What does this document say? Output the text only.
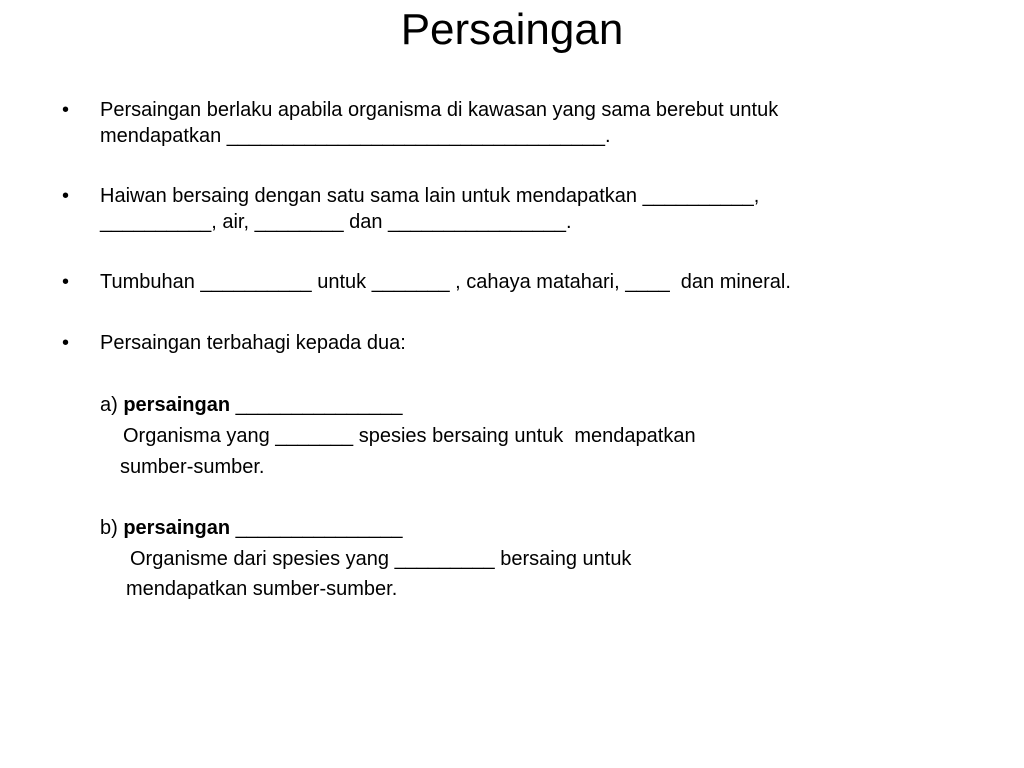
Persaingan
•	Persaingan berlaku apabila organisma di kawasan yang sama berebut untuk
mendapatkan __________________________________.
•	Haiwan bersaing dengan satu sama lain untuk mendapatkan __________,
__________, air, ________ dan ________________.
•	Tumbuhan __________ untuk _______ , cahaya matahari, ____  dan mineral.
•	Persaingan terbahagi kepada dua:
a) persaingan _______________
Organisma yang _______ spesies bersaing untuk  mendapatkan
sumber-sumber.
b) persaingan _______________
Organisme dari spesies yang _________ bersaing untuk
mendapatkan sumber-sumber.
